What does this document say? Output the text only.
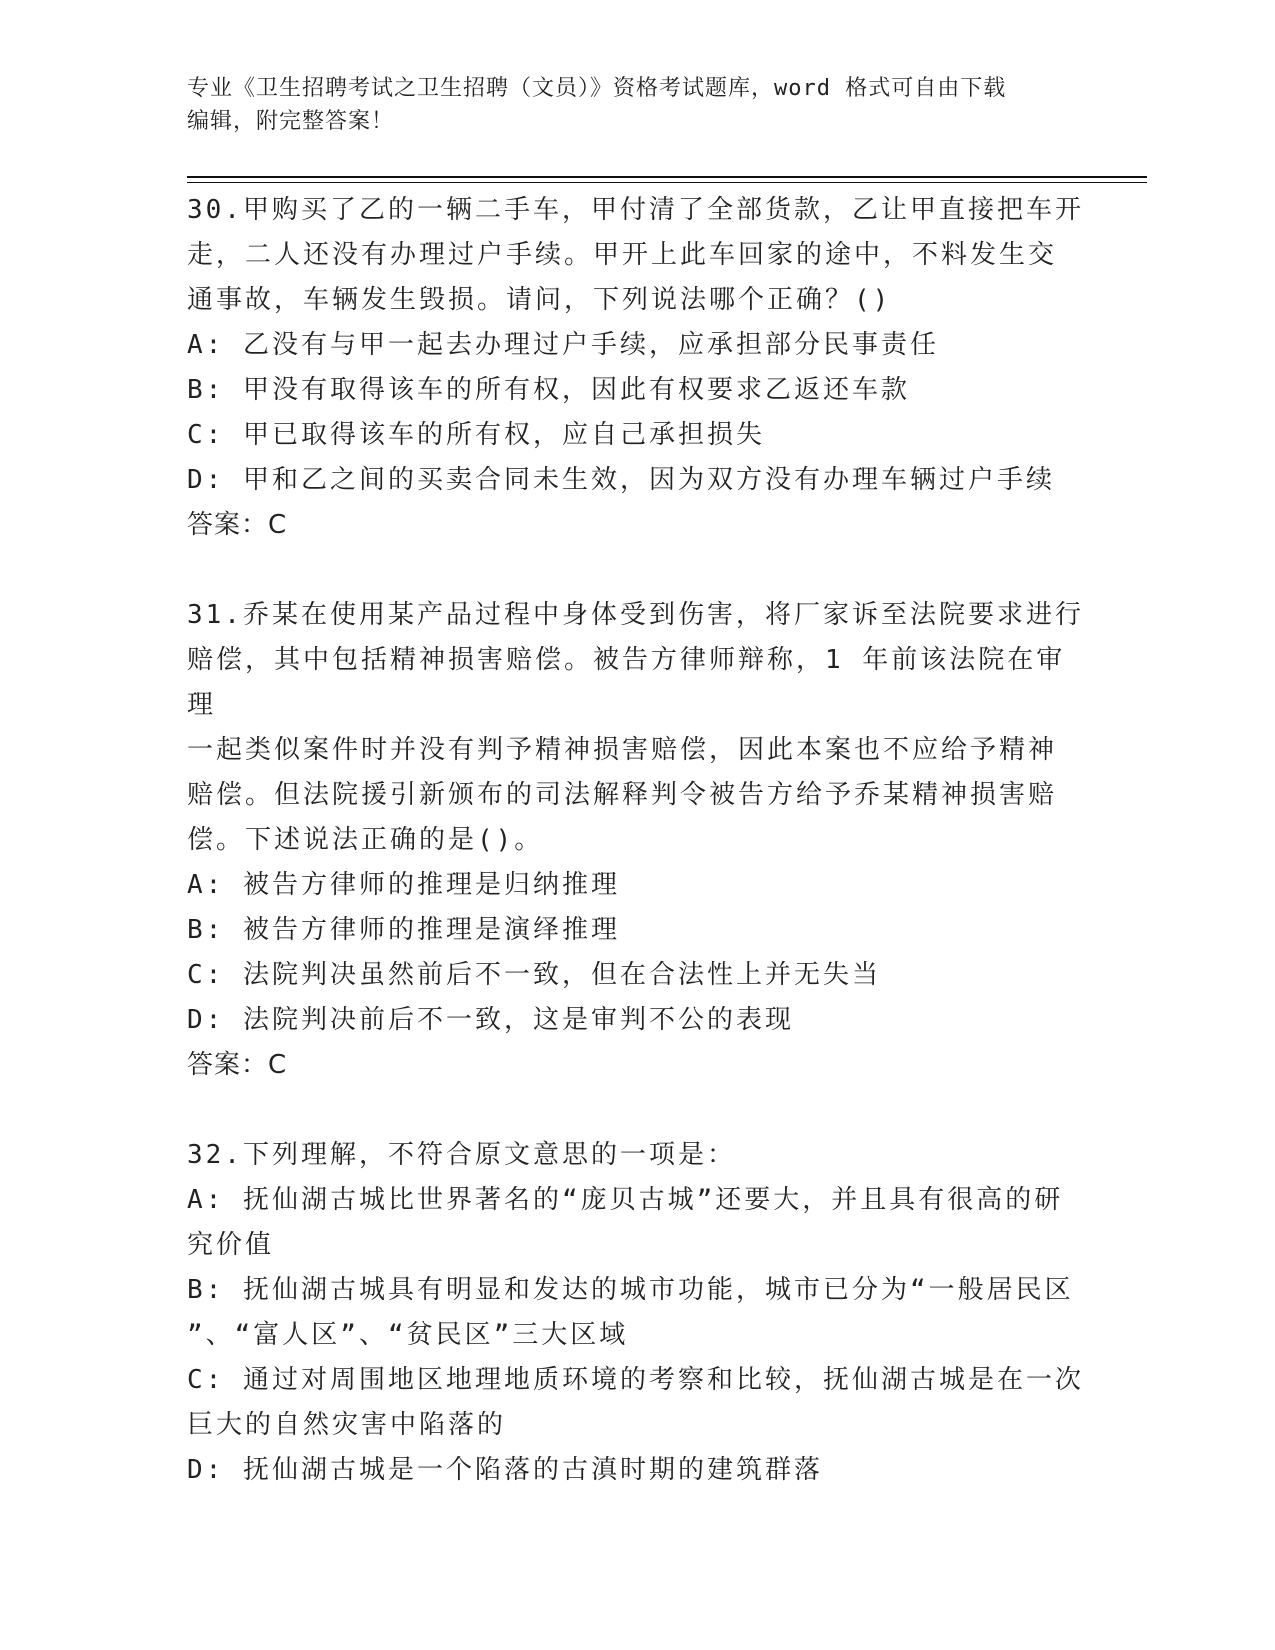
专业《卫生招聘考试之卫生招聘（文员）》资格考试题库，word 格式可自由下载
编辑，附完整答案！

30.甲购买了乙的一辆二手车，甲付清了全部货款，乙让甲直接把车开

走，二人还没有办理过户手续。甲开上此车回家的途中，不料发生交

通事故，车辆发生毁损。请问，下列说法哪个正确？()

A: 乙没有与甲一起去办理过户手续，应承担部分民事责任

B: 甲没有取得该车的所有权，因此有权要求乙返还车款

C: 甲已取得该车的所有权，应自己承担损失

D: 甲和乙之间的买卖合同未生效，因为双方没有办理车辆过户手续

答案：C

31.乔某在使用某产品过程中身体受到伤害，将厂家诉至法院要求进行

赔偿，其中包括精神损害赔偿。被告方律师辩称，1 年前该法院在审理

一起类似案件时并没有判予精神损害赔偿，因此本案也不应给予精神

赔偿。但法院援引新颁布的司法解释判令被告方给予乔某精神损害赔

偿。下述说法正确的是()。

A: 被告方律师的推理是归纳推理

B: 被告方律师的推理是演绎推理

C: 法院判决虽然前后不一致，但在合法性上并无失当

D: 法院判决前后不一致，这是审判不公的表现

答案：C

32.下列理解，不符合原文意思的一项是：

A: 抚仙湖古城比世界著名的“庞贝古城”还要大，并且具有很高的研

究价值

B: 抚仙湖古城具有明显和发达的城市功能，城市已分为“一般居民区

”、“富人区”、“贫民区”三大区域

C: 通过对周围地区地理地质环境的考察和比较，抚仙湖古城是在一次

巨大的自然灾害中陷落的

D: 抚仙湖古城是一个陷落的古滇时期的建筑群落
